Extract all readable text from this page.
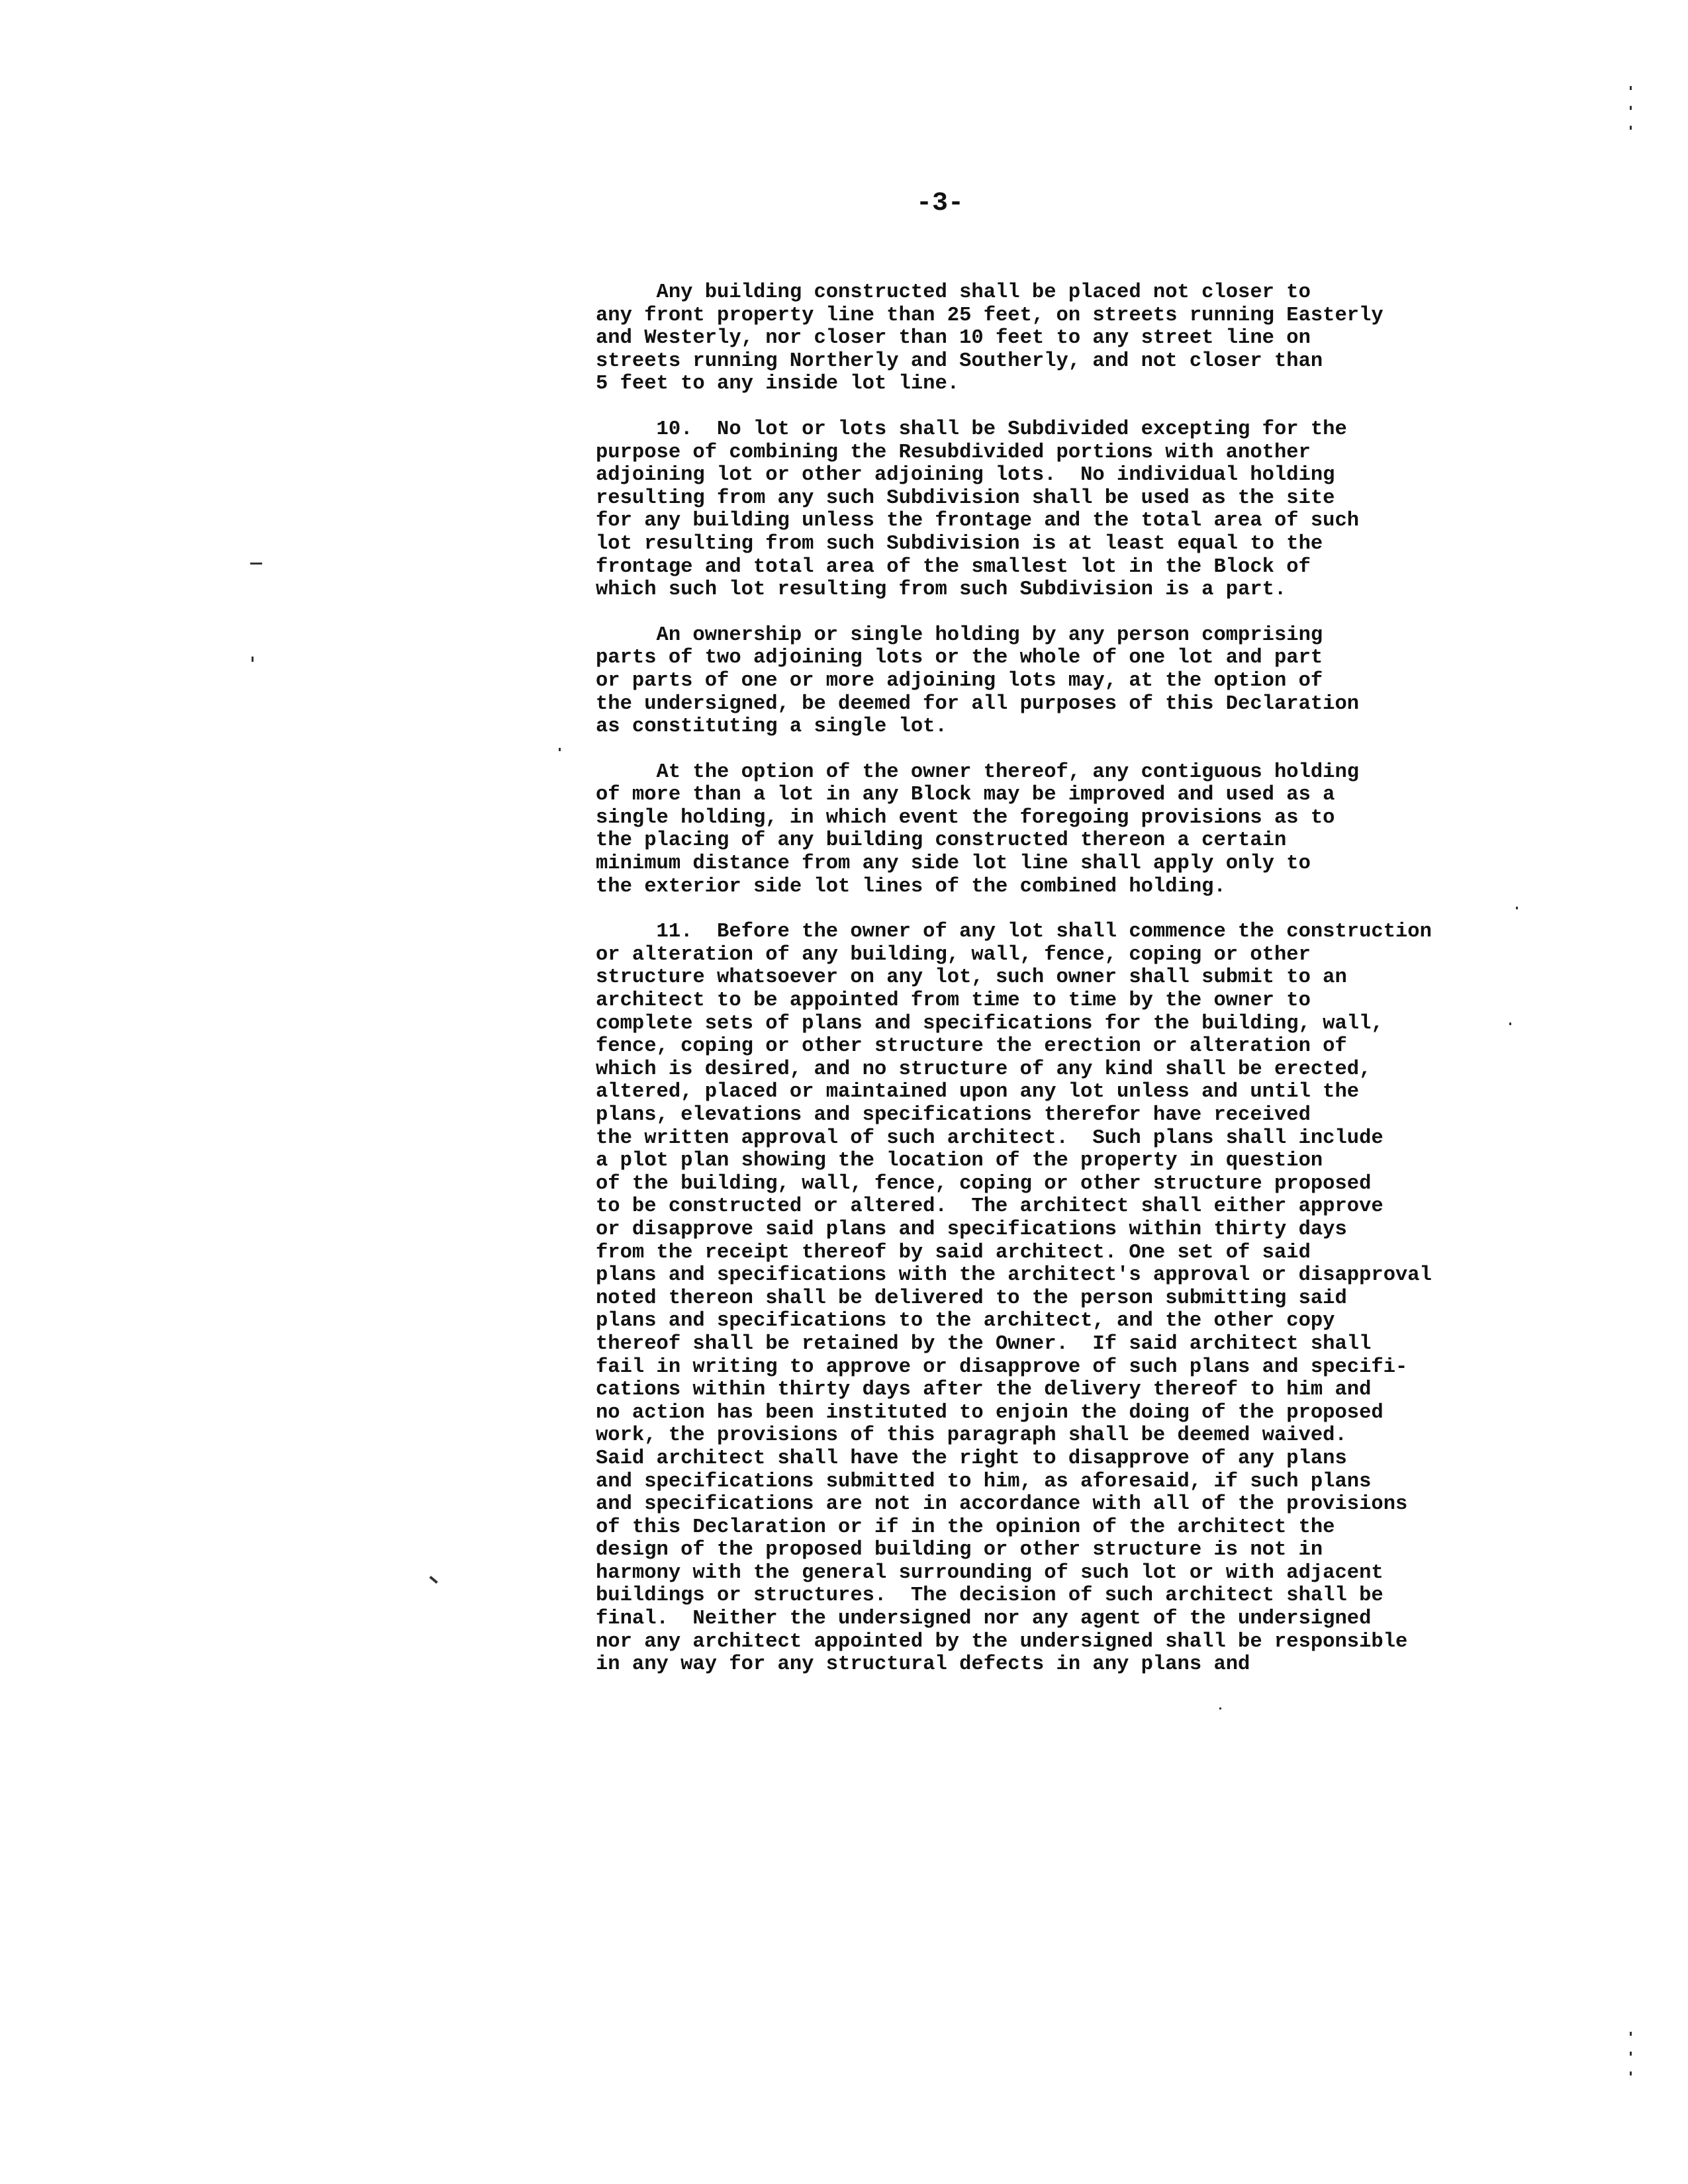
-3-
Any building constructed shall be placed not closer to
any front property line than 25 feet, on streets running Easterly
and Westerly, nor closer than 10 feet to any street line on
streets running Northerly and Southerly, and not closer than
5 feet to any inside lot line.
10.  No lot or lots shall be Subdivided excepting for the
purpose of combining the Resubdivided portions with another
adjoining lot or other adjoining lots.  No individual holding
resulting from any such Subdivision shall be used as the site
for any building unless the frontage and the total area of such
lot resulting from such Subdivision is at least equal to the
frontage and total area of the smallest lot in the Block of
which such lot resulting from such Subdivision is a part.
An ownership or single holding by any person comprising
parts of two adjoining lots or the whole of one lot and part
or parts of one or more adjoining lots may, at the option of
the undersigned, be deemed for all purposes of this Declaration
as constituting a single lot.
At the option of the owner thereof, any contiguous holding
of more than a lot in any Block may be improved and used as a
single holding, in which event the foregoing provisions as to
the placing of any building constructed thereon a certain
minimum distance from any side lot line shall apply only to
the exterior side lot lines of the combined holding.
11.  Before the owner of any lot shall commence the construction
or alteration of any building, wall, fence, coping or other
structure whatsoever on any lot, such owner shall submit to an
architect to be appointed from time to time by the owner to
complete sets of plans and specifications for the building, wall,
fence, coping or other structure the erection or alteration of
which is desired, and no structure of any kind shall be erected,
altered, placed or maintained upon any lot unless and until the
plans, elevations and specifications therefor have received
the written approval of such architect.  Such plans shall include
a plot plan showing the location of the property in question
of the building, wall, fence, coping or other structure proposed
to be constructed or altered.  The architect shall either approve
or disapprove said plans and specifications within thirty days
from the receipt thereof by said architect. One set of said
plans and specifications with the architect's approval or disapproval
noted thereon shall be delivered to the person submitting said
plans and specifications to the architect, and the other copy
thereof shall be retained by the Owner.  If said architect shall
fail in writing to approve or disapprove of such plans and specifi-
cations within thirty days after the delivery thereof to him and
no action has been instituted to enjoin the doing of the proposed
work, the provisions of this paragraph shall be deemed waived.
Said architect shall have the right to disapprove of any plans
and specifications submitted to him, as aforesaid, if such plans
and specifications are not in accordance with all of the provisions
of this Declaration or if in the opinion of the architect the
design of the proposed building or other structure is not in
harmony with the general surrounding of such lot or with adjacent
buildings or structures.  The decision of such architect shall be
final.  Neither the undersigned nor any agent of the undersigned
nor any architect appointed by the undersigned shall be responsible
in any way for any structural defects in any plans and
